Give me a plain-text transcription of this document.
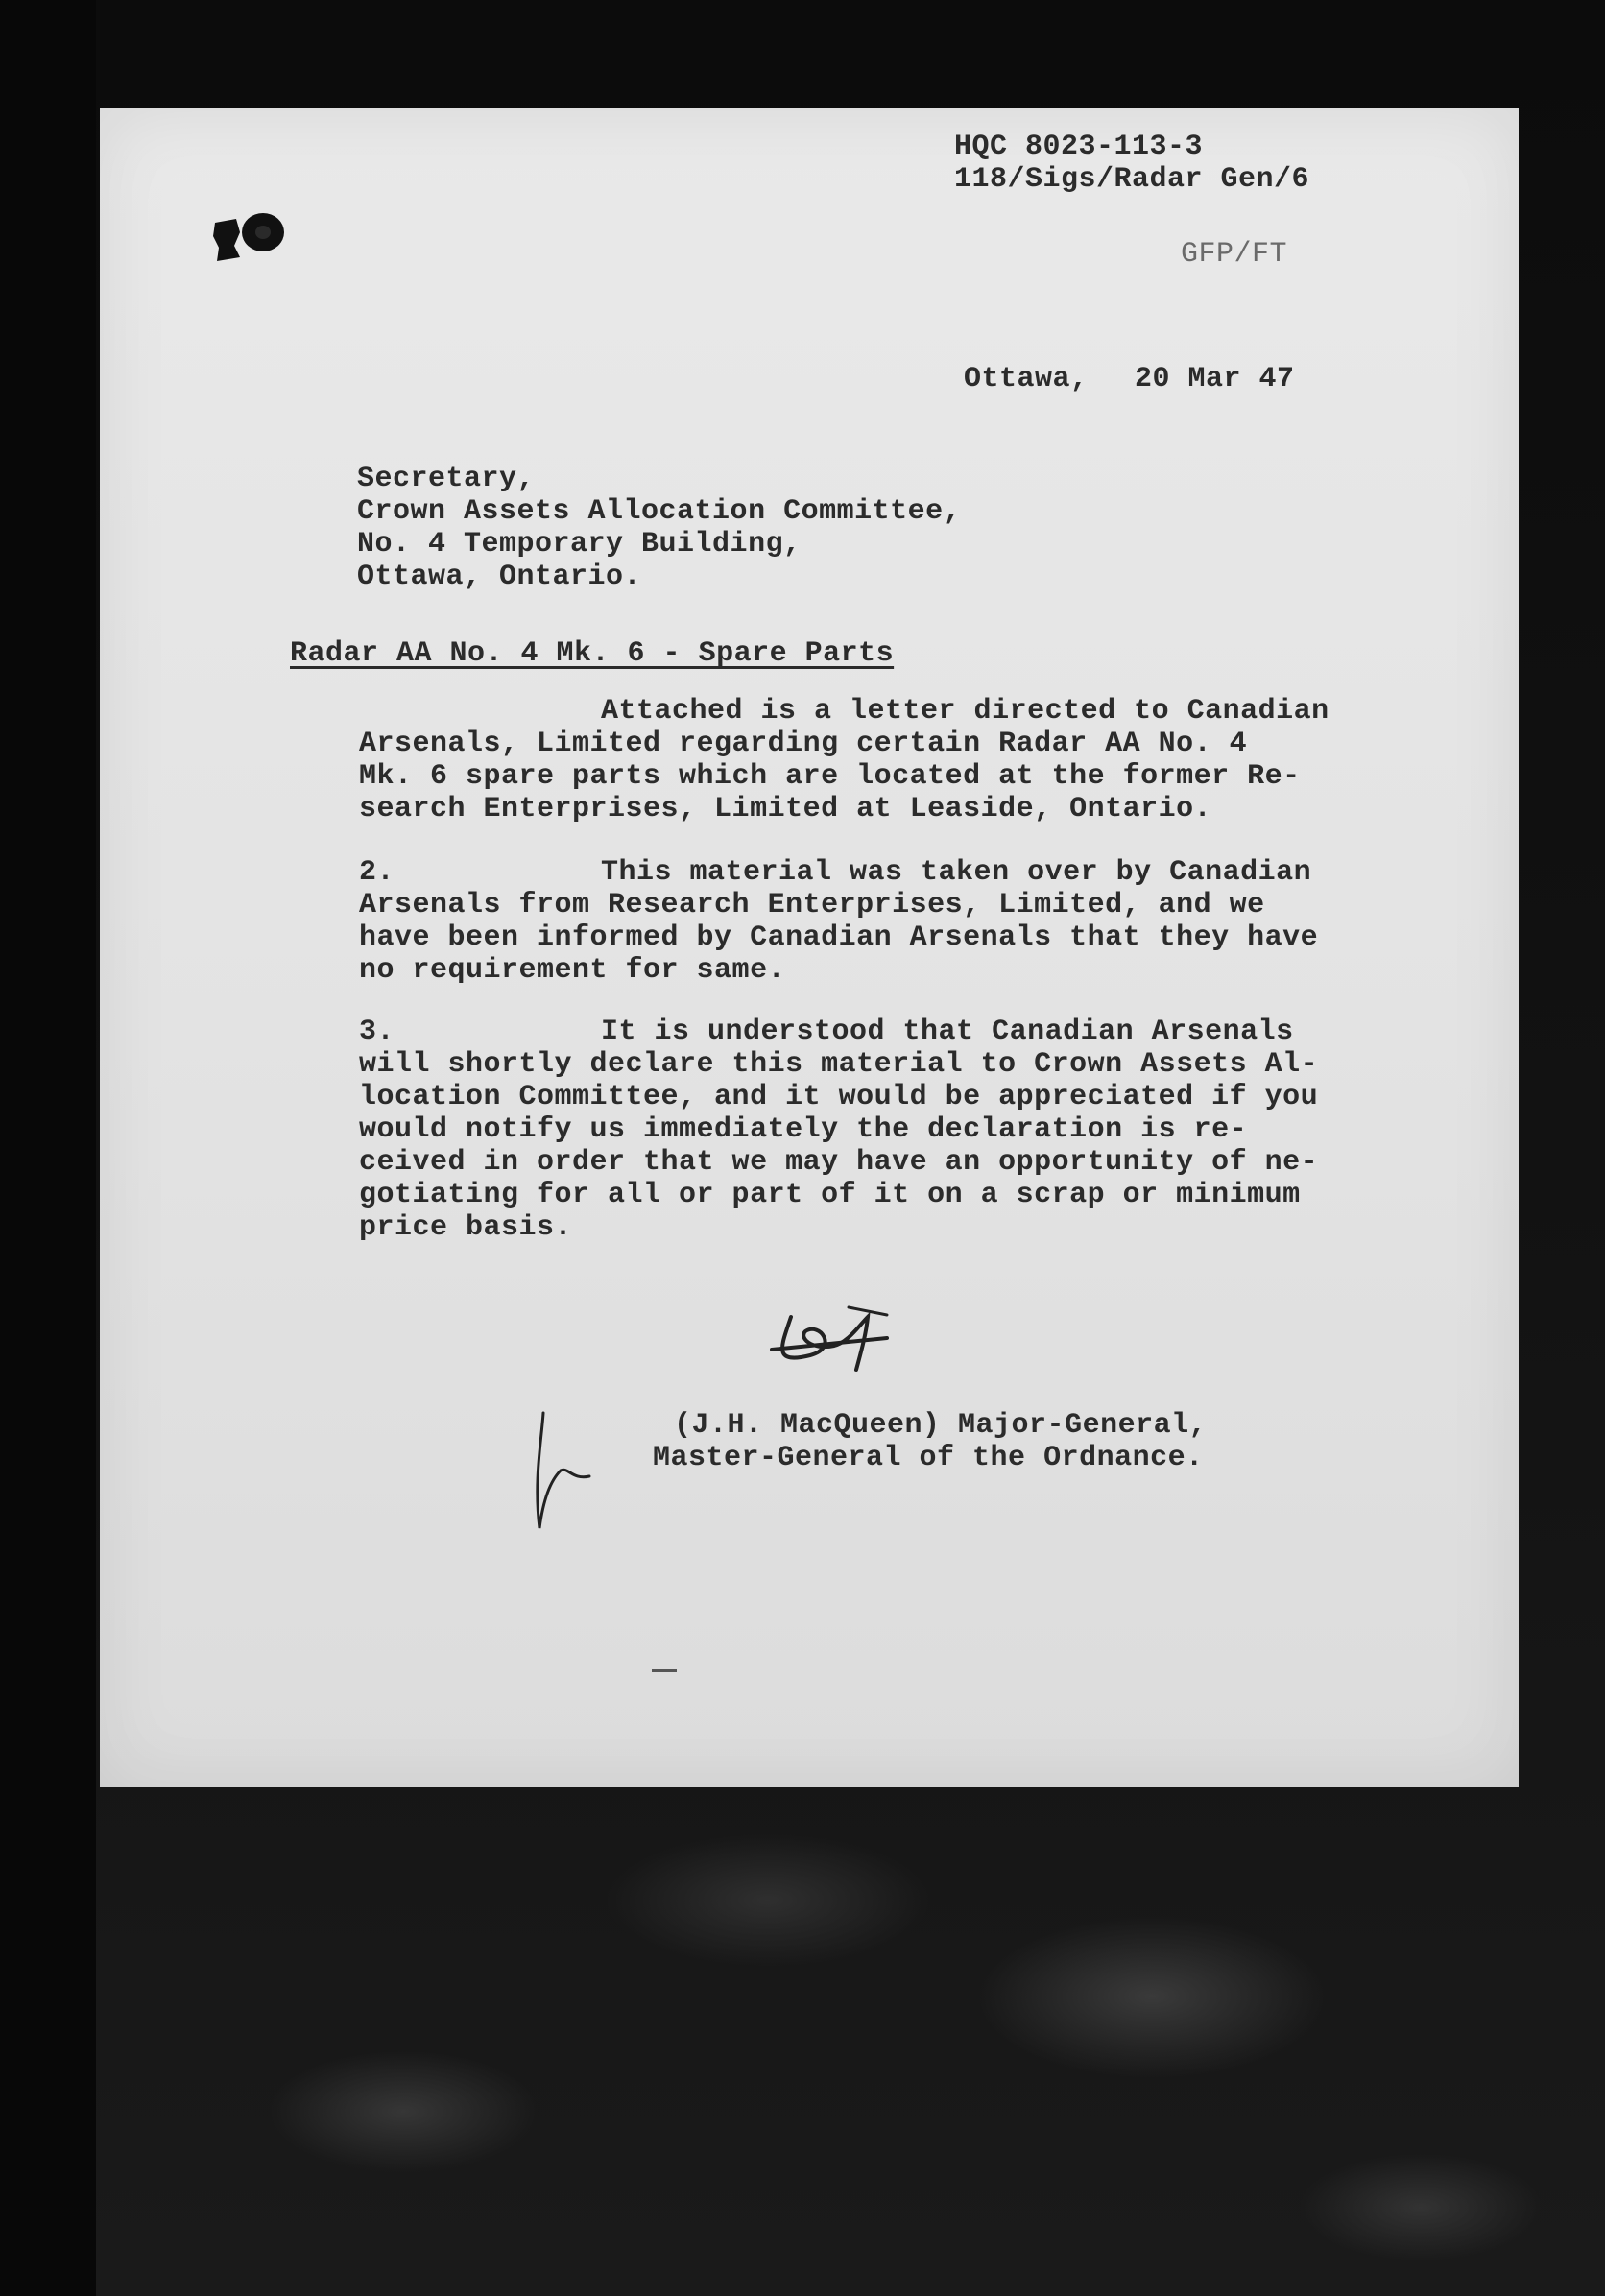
HQC 8023-113-3
118/Sigs/Radar Gen/6
GFP/FT
Ottawa, 20 Mar 47
Secretary,
Crown Assets Allocation Committee,
No. 4 Temporary Building,
Ottawa, Ontario.
Radar AA No. 4 Mk. 6 - Spare Parts
Attached is a letter directed to Canadian
Arsenals, Limited regarding certain Radar AA No. 4
Mk. 6 spare parts which are located at the former Re-
search Enterprises, Limited at Leaside, Ontario.
2.	This material was taken over by Canadian
Arsenals from Research Enterprises, Limited, and we
have been informed by Canadian Arsenals that they have
no requirement for same.
3.	It is understood that Canadian Arsenals
will shortly declare this material to Crown Assets Al-
location Committee, and it would be appreciated if you
would notify us immediately the declaration is re-
ceived in order that we may have an opportunity of ne-
gotiating for all or part of it on a scrap or minimum
price basis.
(J.H. MacQueen) Major-General,
Master-General of the Ordnance.
